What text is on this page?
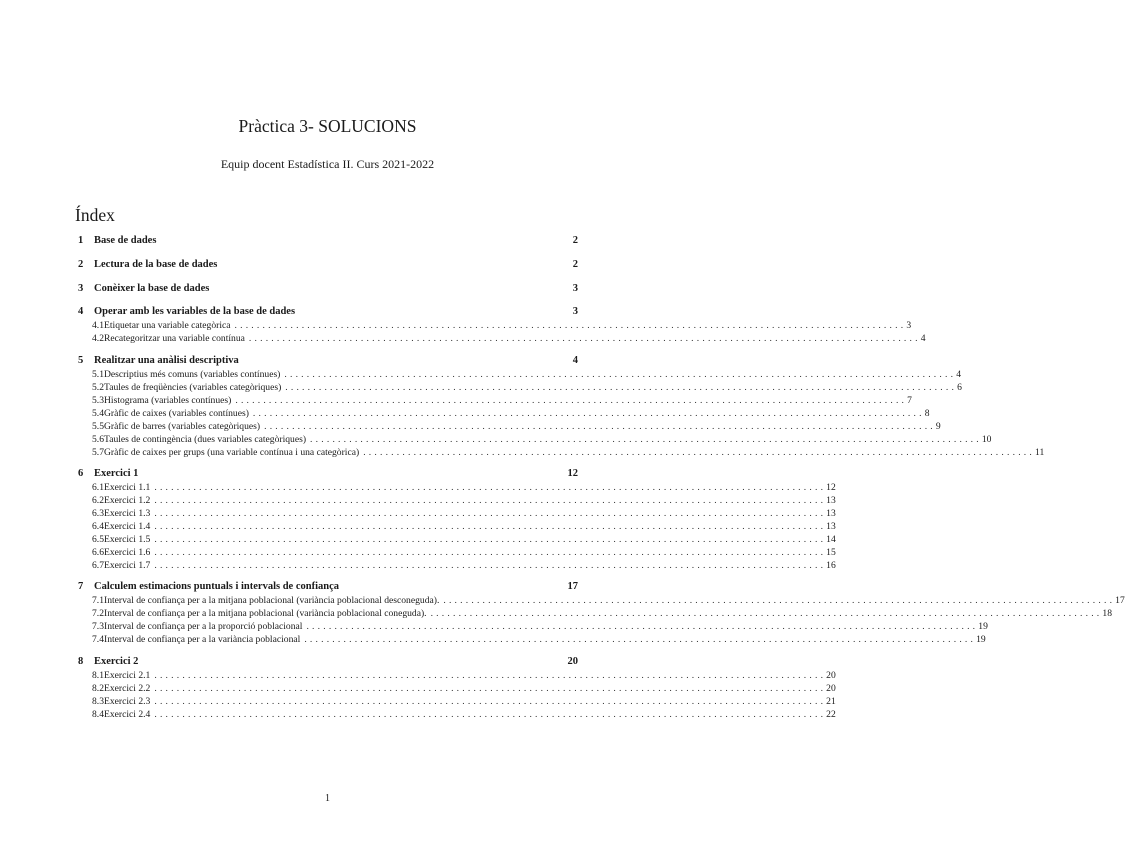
Pràctica 3- SOLUCIONS
Equip docent Estadística II. Curs 2021-2022
Índex
1	Base de dades	2
2	Lectura de la base de dades	2
3	Conèixer la base de dades	3
4	Operar amb les variables de la base de dades	3
4.1 Etiquetar una variable categòrica ........................................................................................................................ 3
4.2 Recategoritzar una variable contínua ........................................................................................................................ 4
5	Realitzar una anàlisi descriptiva	4
5.1 Descriptius més comuns (variables contínues) ........................................................................................................................ 4
5.2 Taules de freqüències (variables categòriques) ........................................................................................................................ 6
5.3 Histograma (variables contínues) ........................................................................................................................ 7
5.4 Gràfic de caixes (variables contínues) ........................................................................................................................ 8
5.5 Gràfic de barres (variables categòriques) ........................................................................................................................ 9
5.6 Taules de contingència (dues variables categòriques) ........................................................................................................................ 10
5.7 Gràfic de caixes per grups (una variable contínua i una categòrica) ........................................................................................................................ 11
6	Exercici 1	12
6.1 Exercici 1.1 ........................................................................................................................ 12
6.2 Exercici 1.2 ........................................................................................................................ 13
6.3 Exercici 1.3 ........................................................................................................................ 13
6.4 Exercici 1.4 ........................................................................................................................ 13
6.5 Exercici 1.5 ........................................................................................................................ 14
6.6 Exercici 1.6 ........................................................................................................................ 15
6.7 Exercici 1.7 ........................................................................................................................ 16
7	Calculem estimacions puntuals i intervals de confiança	17
7.1 Interval de confiança per a la mitjana poblacional (variància poblacional desconeguda). ........................................................................................................................ 17
7.2 Interval de confiança per a la mitjana poblacional (variància poblacional coneguda). ........................................................................................................................ 18
7.3 Interval de confiança per a la proporció poblacional ........................................................................................................................ 19
7.4 Interval de confiança per a la variància poblacional ........................................................................................................................ 19
8	Exercici 2	20
8.1 Exercici 2.1 ........................................................................................................................ 20
8.2 Exercici 2.2 ........................................................................................................................ 20
8.3 Exercici 2.3 ........................................................................................................................ 21
8.4 Exercici 2.4 ........................................................................................................................ 22
1
